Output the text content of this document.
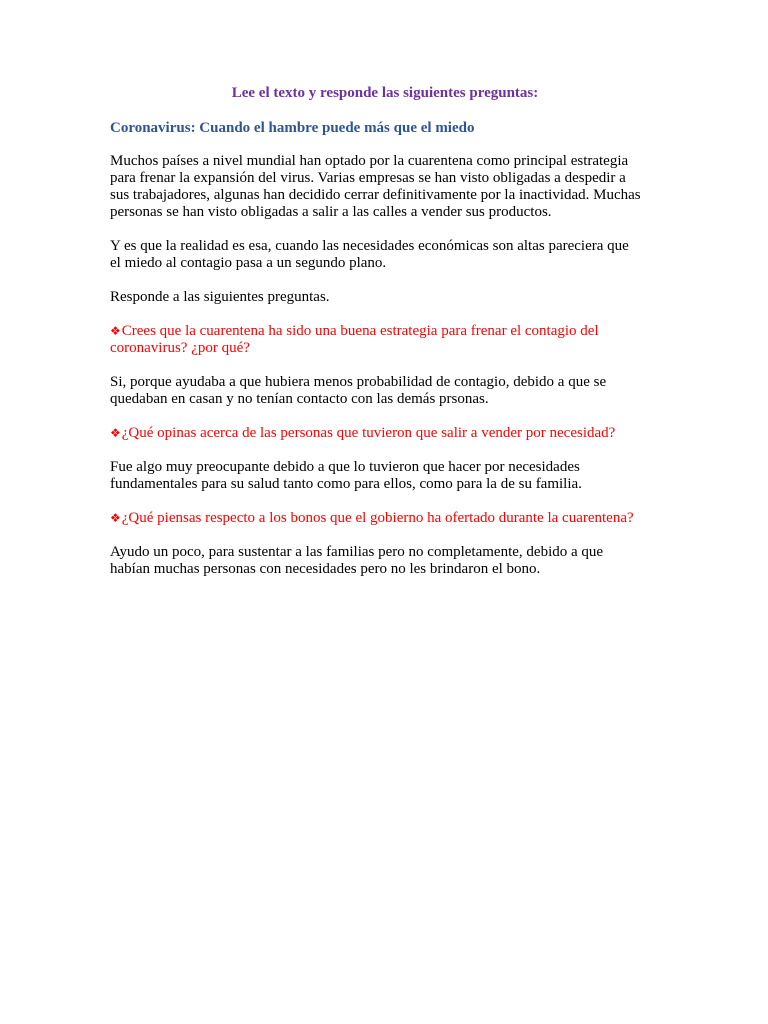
Lee el texto y responde las siguientes preguntas:
Coronavirus: Cuando el hambre puede más que el miedo

Muchos países a nivel mundial han optado por la cuarentena como principal estrategia
para frenar la expansión del virus. Varias empresas se han visto obligadas a despedir a
sus trabajadores, algunas han decidido cerrar definitivamente por la inactividad. Muchas
personas se han visto obligadas a salir a las calles a vender sus productos.

Y es que la realidad es esa, cuando las necesidades económicas son altas pareciera que
el miedo al contagio pasa a un segundo plano.

Responde a las siguientes preguntas.

❖Crees que la cuarentena ha sido una buena estrategia para frenar el contagio del
coronavirus? ¿por qué?

Si, porque ayudaba a que hubiera menos probabilidad de contagio, debido a que se
quedaban en casan y no tenían contacto con las demás prsonas.

❖¿Qué opinas acerca de las personas que tuvieron que salir a vender por necesidad?

Fue algo muy preocupante debido a que lo tuvieron que hacer por necesidades
fundamentales para su salud tanto como para ellos, como para la de su familia.

❖¿Qué piensas respecto a los bonos que el gobierno ha ofertado durante la cuarentena?

Ayudo un poco, para sustentar a las familias pero no completamente, debido a que
habían muchas personas con necesidades pero no les brindaron el bono.
